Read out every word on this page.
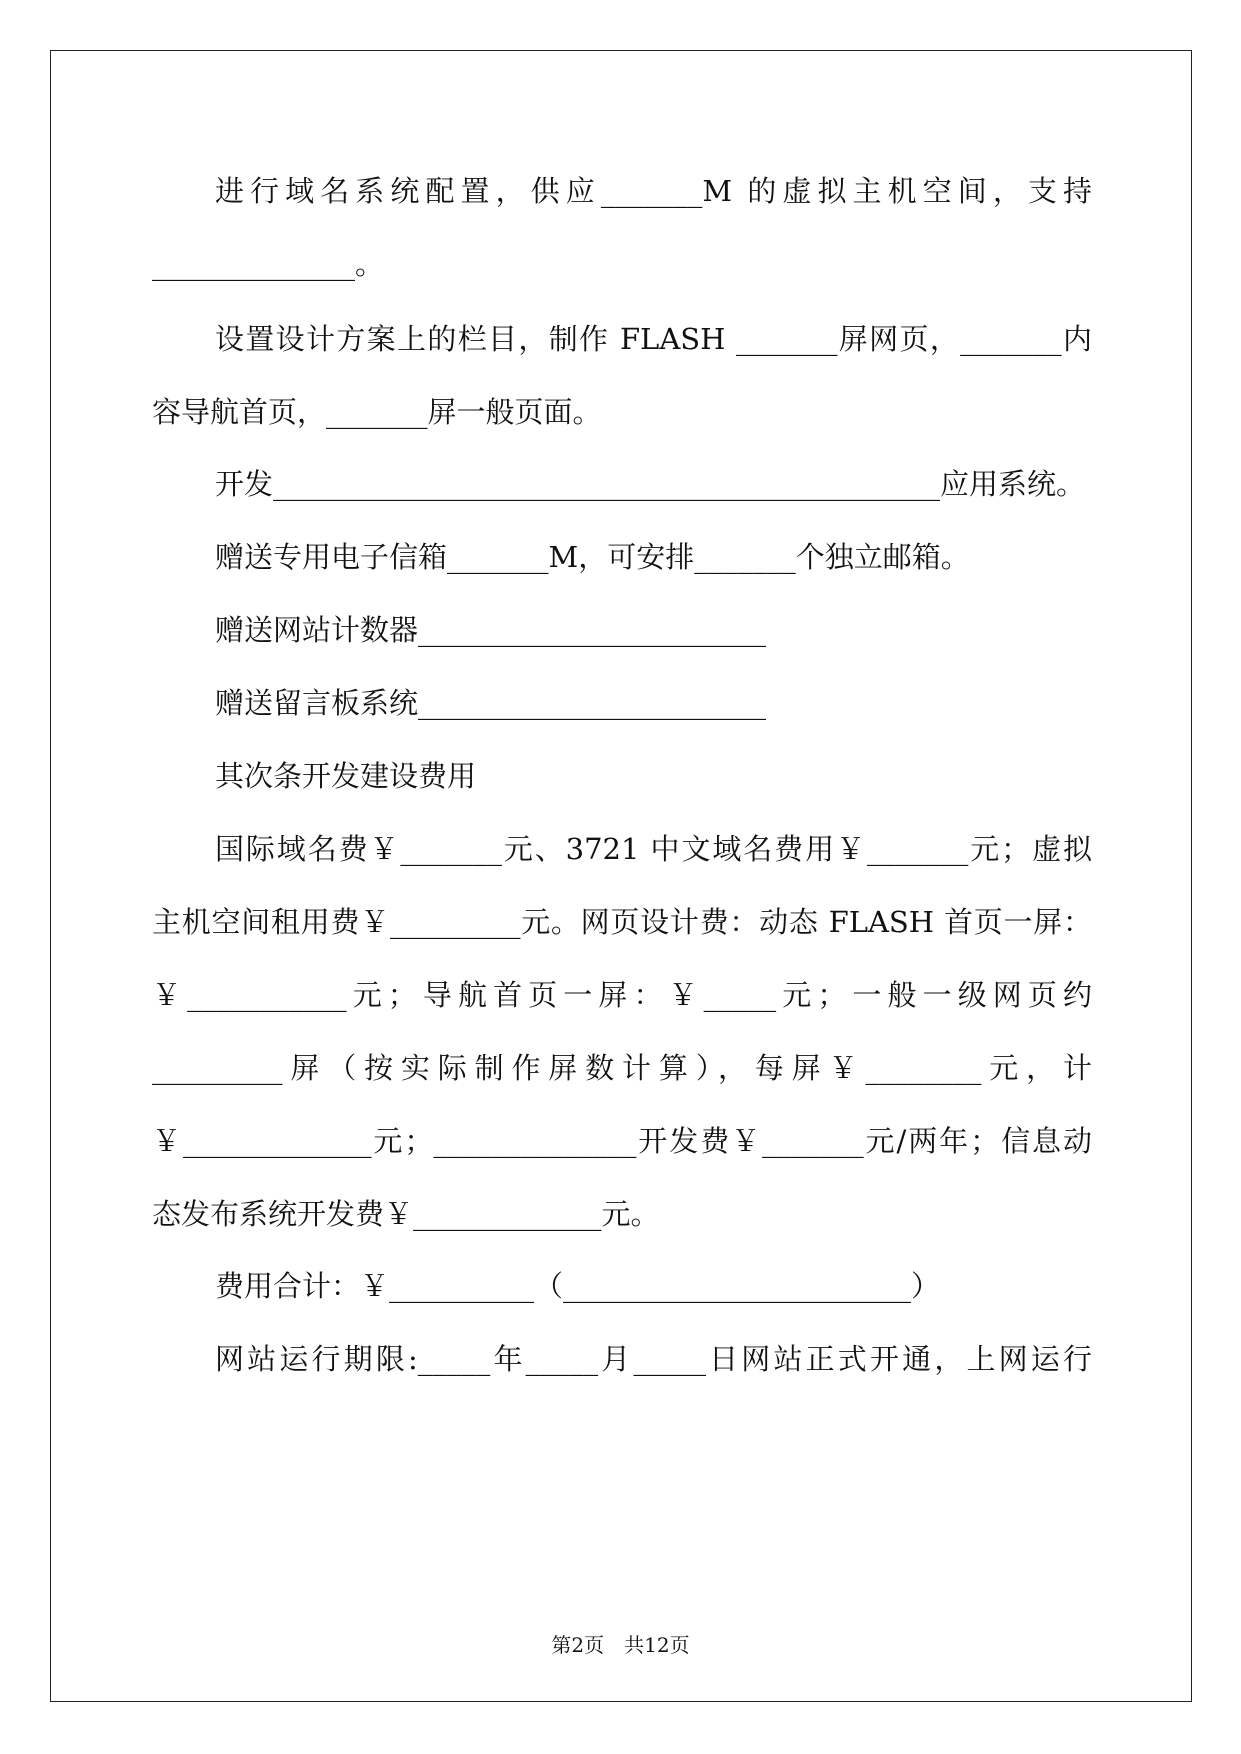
进行域名系统配置，供应_______M 的虚拟主机空间，支持
______________。
设置设计方案上的栏目，制作 FLASH _______屏网页，_______内
容导航首页，_______屏一般页面。
开发______________________________________________应用系统。
赠送专用电子信箱_______M，可安排_______个独立邮箱。
赠送网站计数器________________________
赠送留言板系统________________________
其次条开发建设费用
国际域名费￥_______元、3721 中文域名费用￥_______元；虚拟
主机空间租用费￥_________元。网页设计费：动态 FLASH 首页一屏：
￥___________元；导航首页一屏：￥_____元；一般一级网页约
_________屏（按实际制作屏数计算），每屏￥________元，计
￥_____________元；______________开发费￥_______元/两年；信息动
态发布系统开发费￥_____________元。
费用合计：￥__________（________________________）
网站运行期限:_____年_____月_____日网站正式开通，上网运行
第2页 共12页
